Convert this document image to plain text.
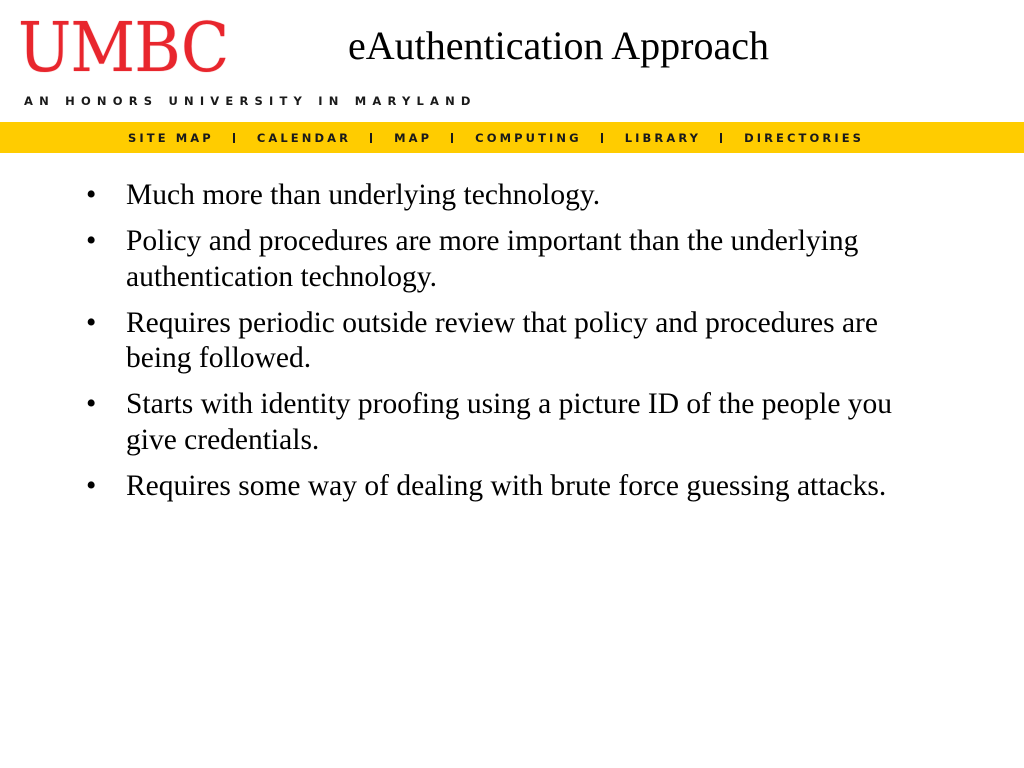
UMBC
AN HONORS UNIVERSITY IN MARYLAND
eAuthentication Approach
SITE MAP	CALENDAR	MAP	COMPUTING	LIBRARY	DIRECTORIES
• Much more than underlying technology.
• Policy and procedures are more important than the underlying authentication technology.
• Requires periodic outside review that policy and procedures are being followed.
• Starts with identity proofing using a picture ID of the people you give credentials.
• Requires some way of dealing with brute force guessing attacks.
